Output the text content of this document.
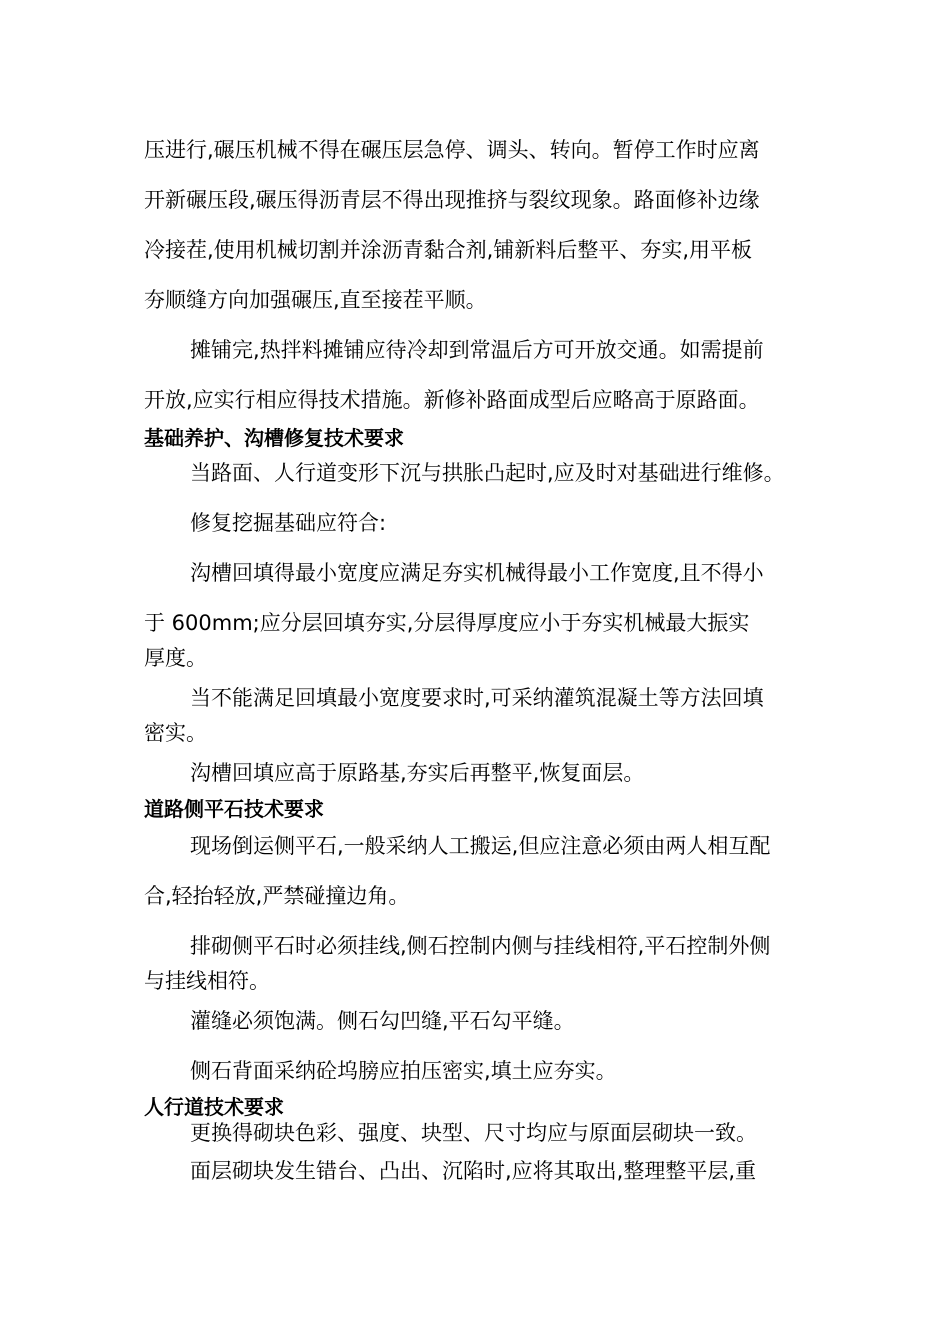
压进行,碾压机械不得在碾压层急停、调头、转向。暂停工作时应离
开新碾压段,碾压得沥青层不得出现推挤与裂纹现象。路面修补边缘
冷接茬,使用机械切割并涂沥青黏合剂,铺新料后整平、夯实,用平板
夯顺缝方向加强碾压,直至接茬平顺。
摊铺完,热拌料摊铺应待冷却到常温后方可开放交通。如需提前
开放,应实行相应得技术措施。新修补路面成型后应略高于原路面。
基础养护、沟槽修复技术要求
当路面、人行道变形下沉与拱胀凸起时,应及时对基础进行维修。
修复挖掘基础应符合:
沟槽回填得最小宽度应满足夯实机械得最小工作宽度,且不得小
于 600mm;应分层回填夯实,分层得厚度应小于夯实机械最大振实
厚度。
当不能满足回填最小宽度要求时,可采纳灌筑混凝土等方法回填
密实。
沟槽回填应高于原路基,夯实后再整平,恢复面层。
道路侧平石技术要求
现场倒运侧平石,一般采纳人工搬运,但应注意必须由两人相互配
合,轻抬轻放,严禁碰撞边角。
排砌侧平石时必须挂线,侧石控制内侧与挂线相符,平石控制外侧
与挂线相符。
灌缝必须饱满。侧石勾凹缝,平石勾平缝。
侧石背面采纳砼坞膀应拍压密实,填土应夯实。
人行道技术要求
更换得砌块色彩、强度、块型、尺寸均应与原面层砌块一致。
面层砌块发生错台、凸出、沉陷时,应将其取出,整理整平层,重
